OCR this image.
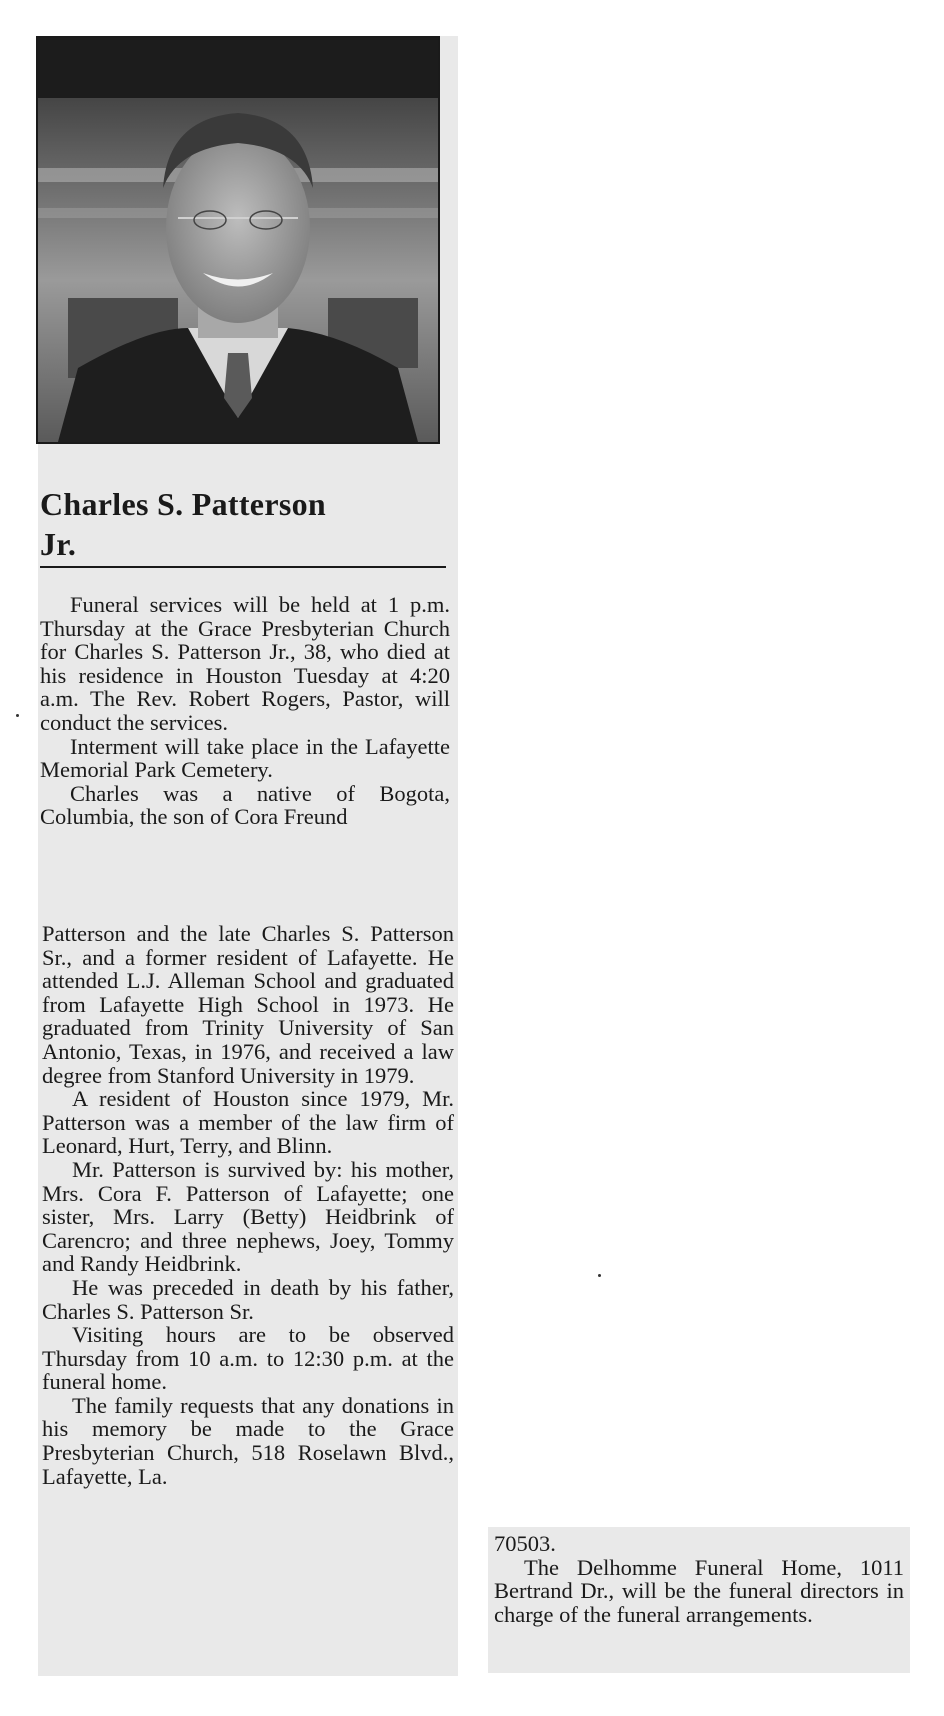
Charles S. Patterson
Jr.

Funeral services will be held at 1 p.m. Thursday at the Grace Presbyterian Church for Charles S. Patterson Jr., 38, who died at his residence in Houston Tuesday at 4:20 a.m. The Rev. Robert Rogers, Pastor, will conduct the services.

Interment will take place in the Lafayette Memorial Park Cemetery.

Charles was a native of Bogota, Columbia, the son of Cora Freund

Patterson and the late Charles S. Patterson Sr., and a former resident of Lafayette. He attended L.J. Alleman School and graduated from Lafayette High School in 1973. He graduated from Trinity University of San Antonio, Texas, in 1976, and received a law degree from Stanford University in 1979.

A resident of Houston since 1979, Mr. Patterson was a member of the law firm of Leonard, Hurt, Terry, and Blinn.

Mr. Patterson is survived by: his mother, Mrs. Cora F. Patterson of Lafayette; one sister, Mrs. Larry (Betty) Heidbrink of Carencro; and three nephews, Joey, Tommy and Randy Heidbrink.

He was preceded in death by his father, Charles S. Patterson Sr.

Visiting hours are to be observed Thursday from 10 a.m. to 12:30 p.m. at the funeral home.

The family requests that any donations in his memory be made to the Grace Presbyterian Church, 518 Roselawn Blvd., Lafayette, La.

70503.

The Delhomme Funeral Home, 1011 Bertrand Dr., will be the funeral directors in charge of the funeral arrangements.
